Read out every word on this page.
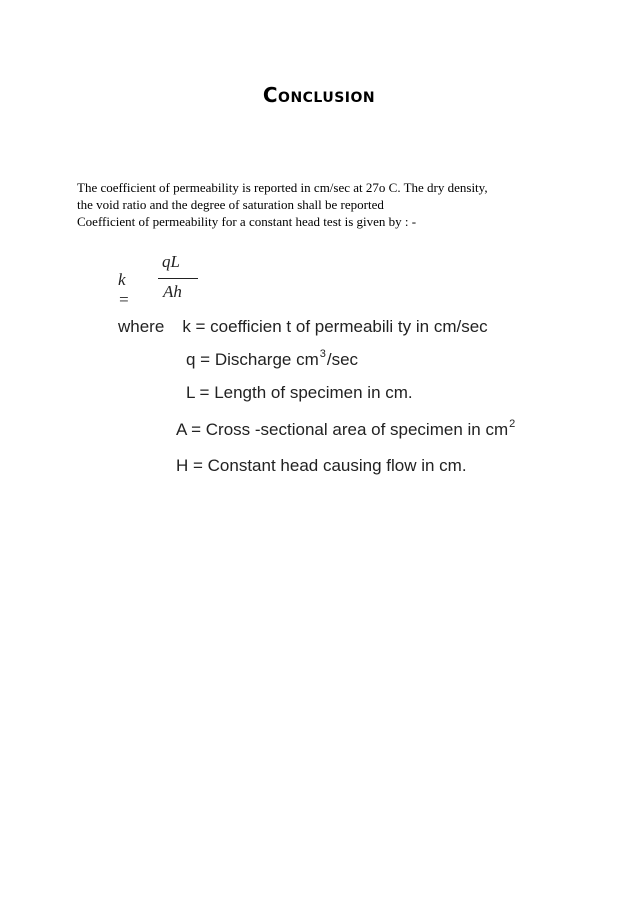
Conclusion

The coefficient of permeability is reported in cm/sec at 27o C. The dry density,

the void ratio and the degree of saturation shall be reported

Coefficient of permeability for a constant head test is given by : -

k =
qL
Ah
where k = coefficien t of permeabili ty in cm/sec
q = Discharge $cm^3/\sec$
L = Length of specimen in cm.
A = Cross -sectional area of specimen in $cm^2$
H = Constant head causing flow in cm.
